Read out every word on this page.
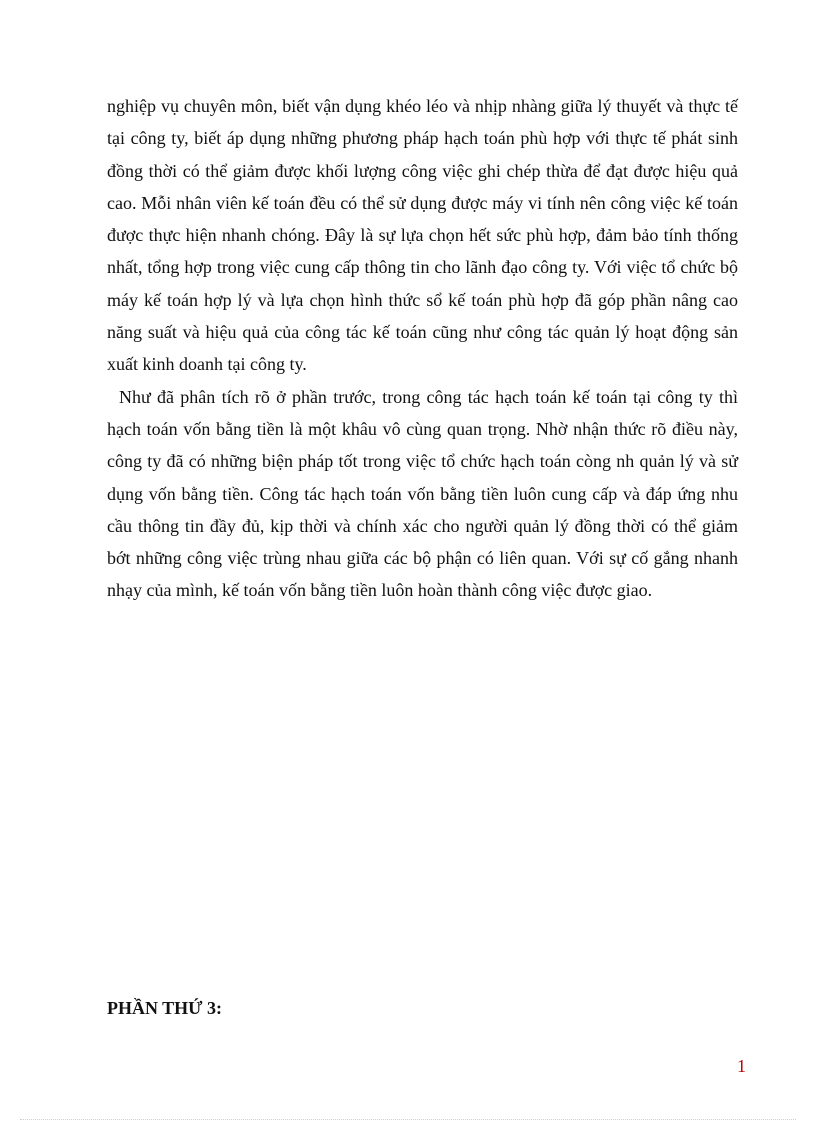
nghiệp vụ chuyên môn, biết vận dụng khéo léo và nhịp nhàng giữa lý thuyết và thực tế tại công ty, biết áp dụng những phương pháp hạch toán phù hợp với thực tế phát sinh đồng thời có thể giảm được khối lượng công việc ghi chép thừa để đạt được hiệu quả cao. Mỗi nhân viên kế toán đều có thể sử dụng được máy vi tính nên công việc kế toán được thực hiện nhanh chóng. Đây là sự lựa chọn hết sức phù hợp, đảm bảo tính thống nhất, tổng hợp trong việc cung cấp thông tin cho lãnh đạo công ty. Với việc tổ chức bộ máy kế toán hợp lý và lựa chọn hình thức sổ kế toán phù hợp đã góp phần nâng cao năng suất và hiệu quả của công tác kế toán cũng như công tác quản lý hoạt động sản xuất kinh doanh tại công ty.

Như đã phân tích rõ ở phần trước, trong công tác hạch toán kế toán tại công ty thì hạch toán vốn bằng tiền là một khâu vô cùng quan trọng. Nhờ nhận thức rõ điều này, công ty đã có những biện pháp tốt trong việc tổ chức hạch toán còng nh quản lý và sử dụng vốn bằng tiền. Công tác hạch toán vốn bằng tiền luôn cung cấp và đáp ứng nhu cầu thông tin đầy đủ, kịp thời và chính xác cho người quản lý đồng thời có thể giảm bớt những công việc trùng nhau giữa các bộ phận có liên quan. Với sự cố gắng nhanh nhạy của mình, kế toán vốn bằng tiền luôn hoàn thành công việc được giao.

PHẦN THỨ 3:

1
